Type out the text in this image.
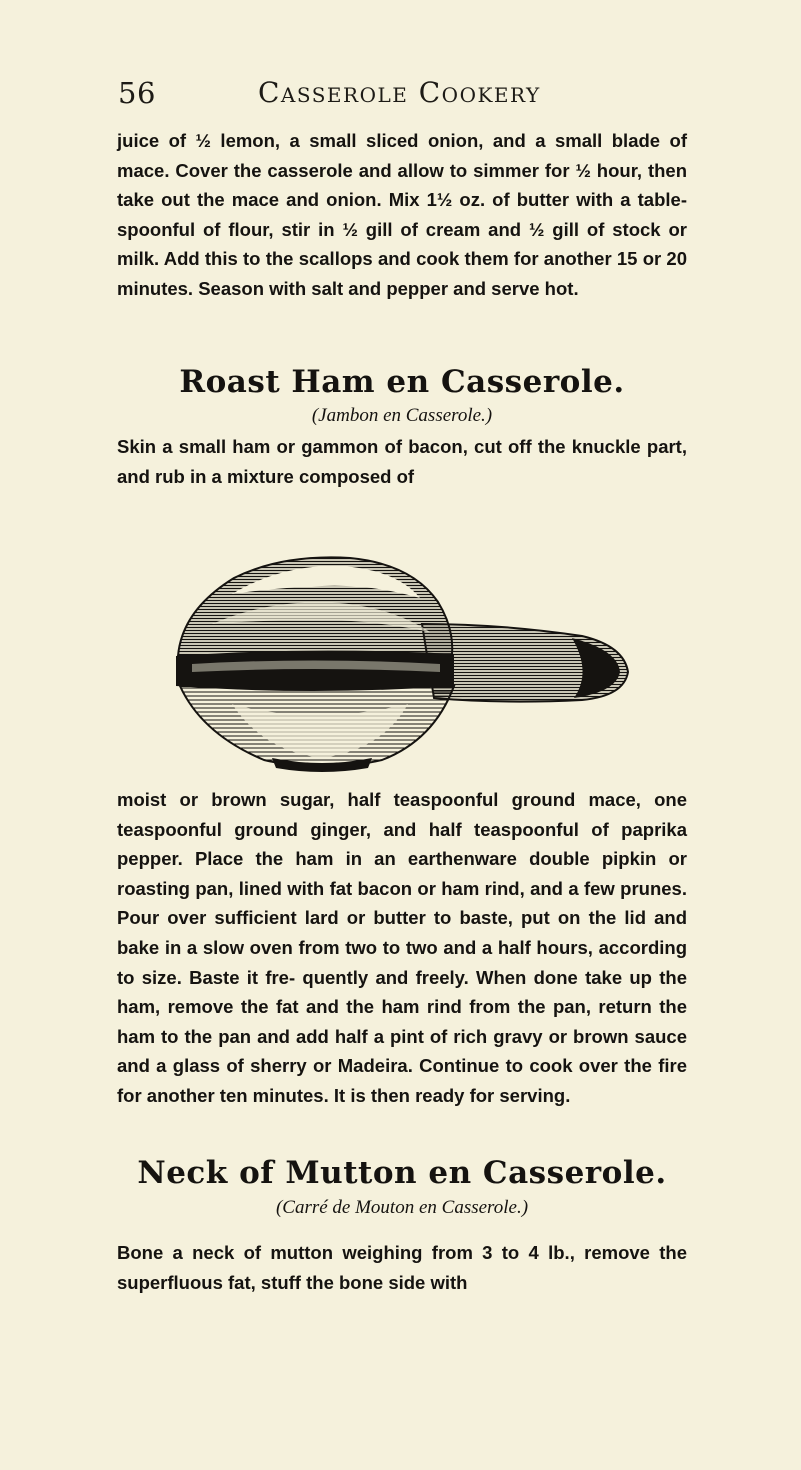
56	Casserole Cookery

juice of ½ lemon, a small sliced onion, and a small blade of mace. Cover the casserole and allow to simmer for ½ hour, then take out the mace and onion. Mix 1½ oz. of butter with a table-spoonful of flour, stir in ½ gill of cream and ½ gill of stock or milk. Add this to the scallops and cook them for another 15 or 20 minutes. Season with salt and pepper and serve hot.

Roast Ham en Casserole.

(Jambon en Casserole.)

Skin a small ham or gammon of bacon, cut off the knuckle part, and rub in a mixture composed of

moist or brown sugar, half teaspoonful ground mace, one teaspoonful ground ginger, and half teaspoonful of paprika pepper. Place the ham in an earthenware double pipkin or roasting pan, lined with fat bacon or ham rind, and a few prunes. Pour over sufficient lard or butter to baste, put on the lid and bake in a slow oven from two to two and a half hours, according to size. Baste it fre- quently and freely. When done take up the ham, remove the fat and the ham rind from the pan, return the ham to the pan and add half a pint of rich gravy or brown sauce and a glass of sherry or Madeira. Continue to cook over the fire for another ten minutes. It is then ready for serving.

Neck of Mutton en Casserole.

(Carré de Mouton en Casserole.)

Bone a neck of mutton weighing from 3 to 4 lb., remove the superfluous fat, stuff the bone side with
